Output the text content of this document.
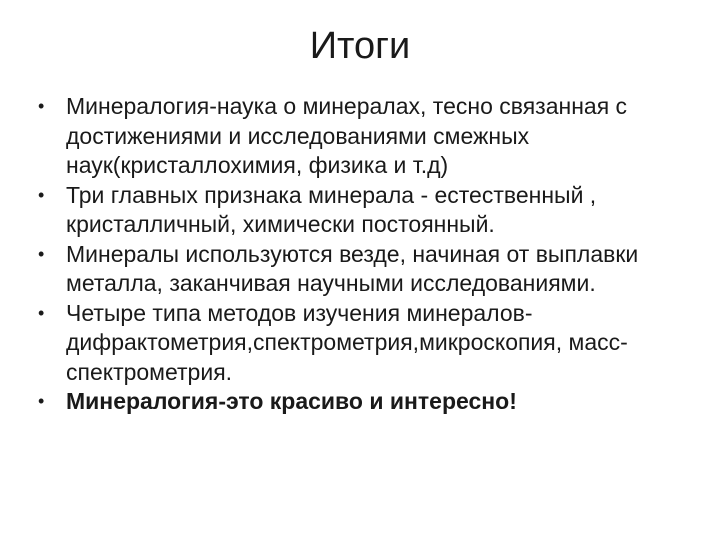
Итоги
• Минералогия-наука о минералах, тесно связанная с достижениями и исследованиями смежных наук(кристаллохимия, физика и т.д)
• Три главных признака минерала - естественный , кристалличный, химически постоянный.
• Минералы используются везде, начиная от выплавки металла, заканчивая научными исследованиями.
• Четыре типа методов изучения минералов-дифрактометрия,спектрометрия,микроскопия, масс-спектрометрия.
• Минералогия-это красиво и интересно!
